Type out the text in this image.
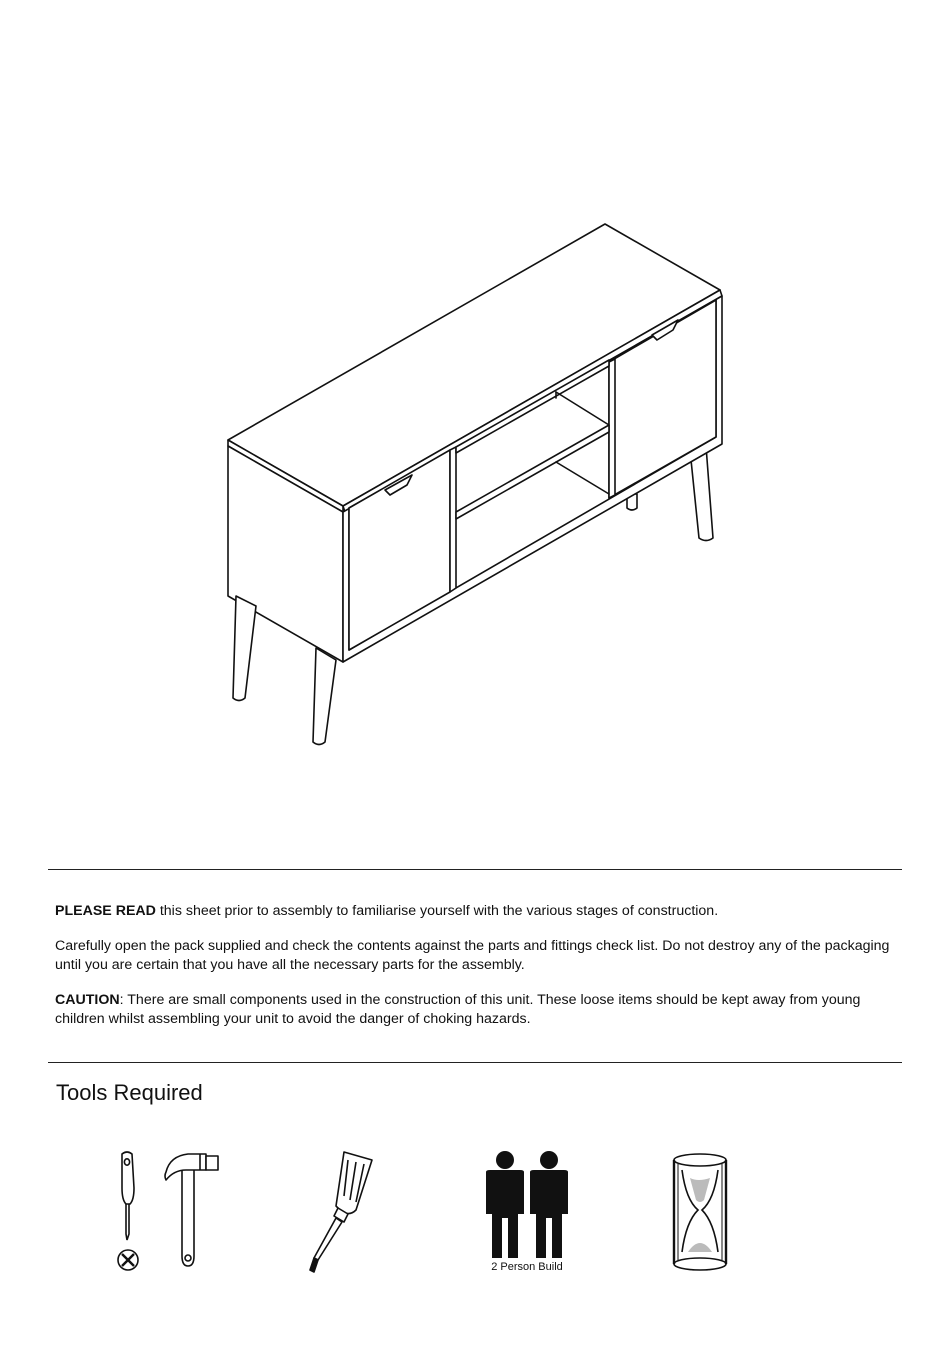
PLEASE READ this sheet prior to assembly to familiarise yourself with the various stages of construction.

Carefully open the pack supplied and check the contents against the parts and fittings check list. Do not destroy any of the packaging until you are certain that you have all the necessary parts for the assembly.

CAUTION: There are small components used in the construction of this unit. These loose items should be kept away from young children whilst assembling your unit to avoid the danger of choking hazards.

Tools Required
2 Person Build
